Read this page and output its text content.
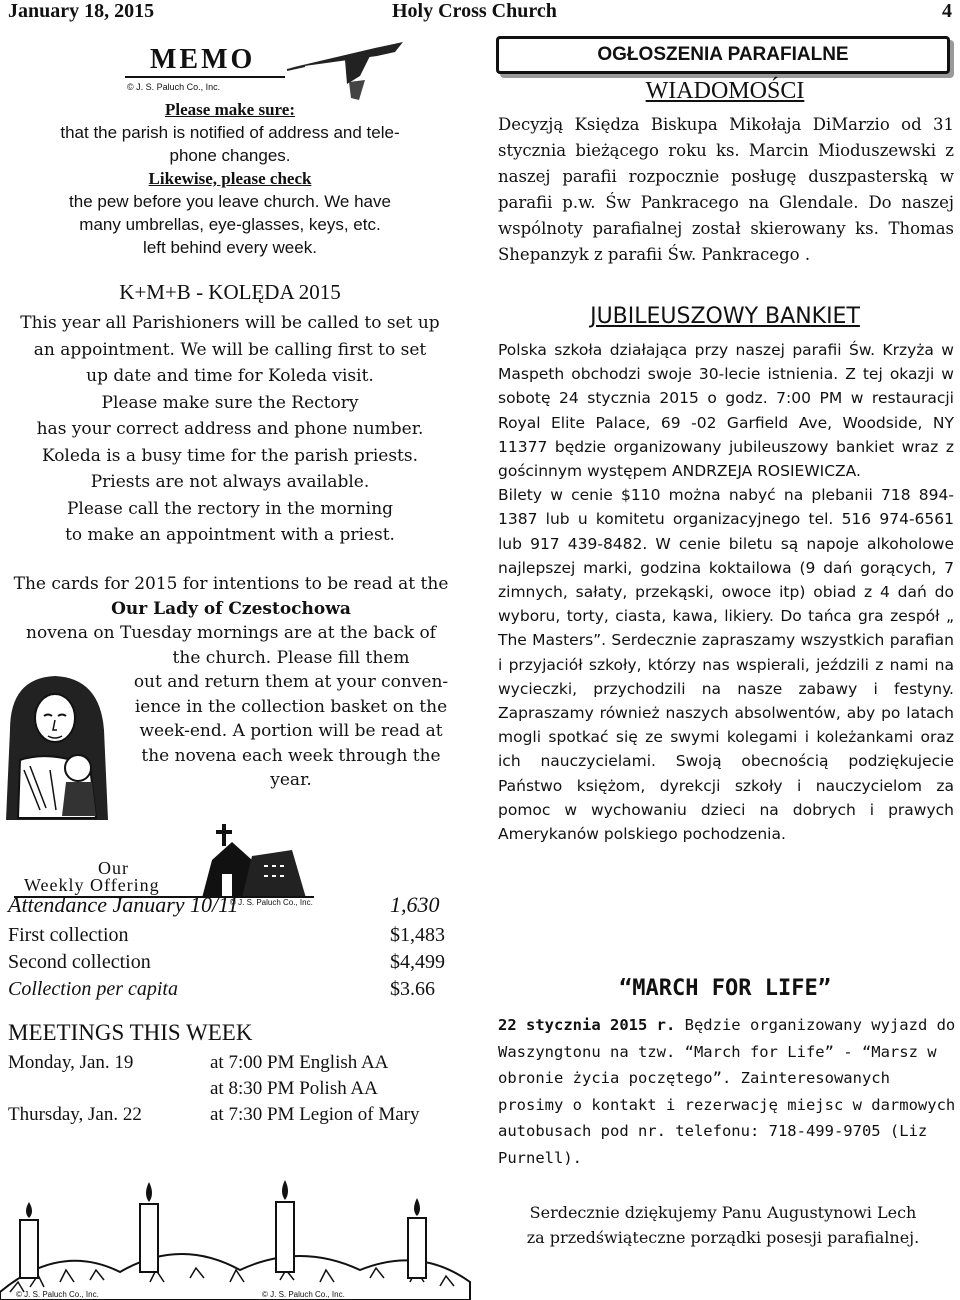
January 18, 2015	Holy Cross Church	4
MEMO
© J. S. Paluch Co., Inc.
Please make sure:
that the parish is notified of address and tele-
phone changes.
Likewise, please check
the pew before you leave church. We have
many umbrellas, eye-glasses, keys, etc.
left behind every week.
K+M+B - KOLĘDA 2015
This year all Parishioners will be called to set up
an appointment. We will be calling first to set
up date and time for Koleda visit.
Please make sure the Rectory
has your correct address and phone number.
Koleda is a busy time for the parish priests.
Priests are not always available.
Please call the rectory in the morning
to make an appointment with a priest.

The cards for 2015 for intentions to be read at the

Our Lady of Czestochowa

novena on Tuesday mornings are at the back of

the church. Please fill them
out and return them at your conven-
ience in the collection basket on the
week-end. A portion will be read at
the novena each week through the
year.
Our
Weekly Offering
© J. S. Paluch Co., Inc.
Attendance January 10/11	1,630
First collection	$1,483
Second collection	$4,499
Collection per capita	$3.66
MEETINGS THIS WEEK
Monday, Jan. 19	at 7:00 PM English AA
at 8:30 PM Polish AA
Thursday, Jan. 22	at 7:30 PM Legion of Mary
© J. S. Paluch Co., Inc.	© J. S. Paluch Co., Inc.
OGŁOSZENIA PARAFIALNE
WIADOMOŚCI
Decyzją Księdza Biskupa Mikołaja DiMarzio od 31 stycznia bieżącego roku ks. Marcin Mioduszewski z naszej parafii rozpocznie posługę duszpasterską w parafii p.w. Św Pankracego na Glendale. Do naszej wspólnoty parafialnej został skierowany ks. Thomas Shepanzyk z parafii Św. Pankracego .
JUBILEUSZOWY BANKIET

Polska szkoła działająca przy naszej parafii Św. Krzyża w Maspeth obchodzi swoje 30-lecie istnienia. Z tej okazji w sobotę 24 stycznia 2015 o godz. 7:00 PM w restauracji Royal Elite Palace, 69 -02 Garfield Ave, Woodside, NY 11377 będzie organizowany jubileuszowy bankiet wraz z gościnnym występem ANDRZEJA ROSIEWICZA.

Bilety w cenie $110 można nabyć na plebanii 718 894-1387 lub u komitetu organizacyjnego tel. 516 974-6561 lub 917 439-8482. W cenie biletu są napoje alkoholowe najlepszej marki, godzina koktailowa (9 dań gorących, 7 zimnych, sałaty, przekąski, owoce itp) obiad z 4 dań do wyboru, torty, ciasta, kawa, likiery. Do tańca gra zespół „ The Masters”. Serdecznie zapraszamy wszystkich parafian i przyjaciół szkoły, którzy nas wspierali, jeździli z nami na wycieczki, przychodzili na nasze zabawy i festyny. Zapraszamy również naszych absolwentów, aby po latach mogli spotkać się ze swymi kolegami i koleżankami oraz ich nauczycielami. Swoją obecnością podziękujecie Państwo księżom, dyrekcji szkoły i nauczycielom za pomoc w wychowaniu dzieci na dobrych i prawych Amerykanów polskiego pochodzenia.

“MARCH FOR LIFE”
22 stycznia 2015 r. Będzie organizowany wyjazd do Waszyngtonu na tzw. “March for Life” - “Marsz w obronie życia poczętego”. Zainteresowanych prosimy o kontakt i rezerwację miejsc w darmowych autobusach pod nr. telefonu: 718-499-9705 (Liz Purnell).
Serdecznie dziękujemy Panu Augustynowi Lech
za przedświąteczne porządki posesji parafialnej.
